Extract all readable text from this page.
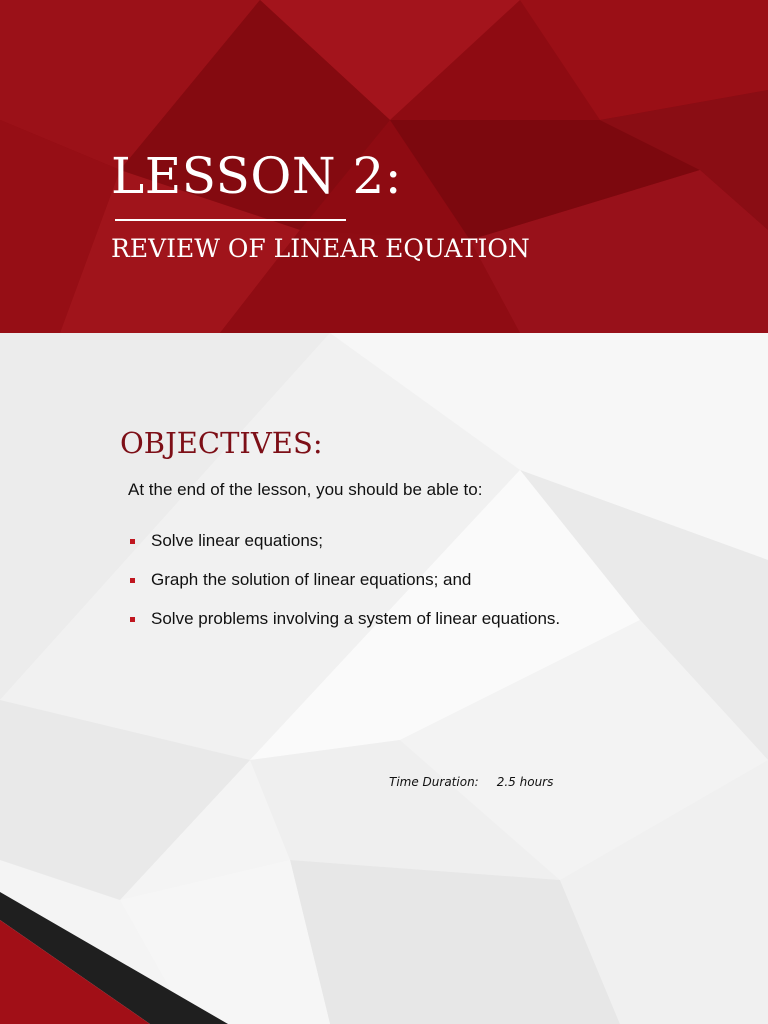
LESSON 2:
REVIEW OF LINEAR EQUATION
OBJECTIVES:
At the end of the lesson, you should be able to:
Solve linear equations;
Graph the solution of linear equations; and
Solve problems involving a system of linear equations.
Time Duration: 2.5 hours
